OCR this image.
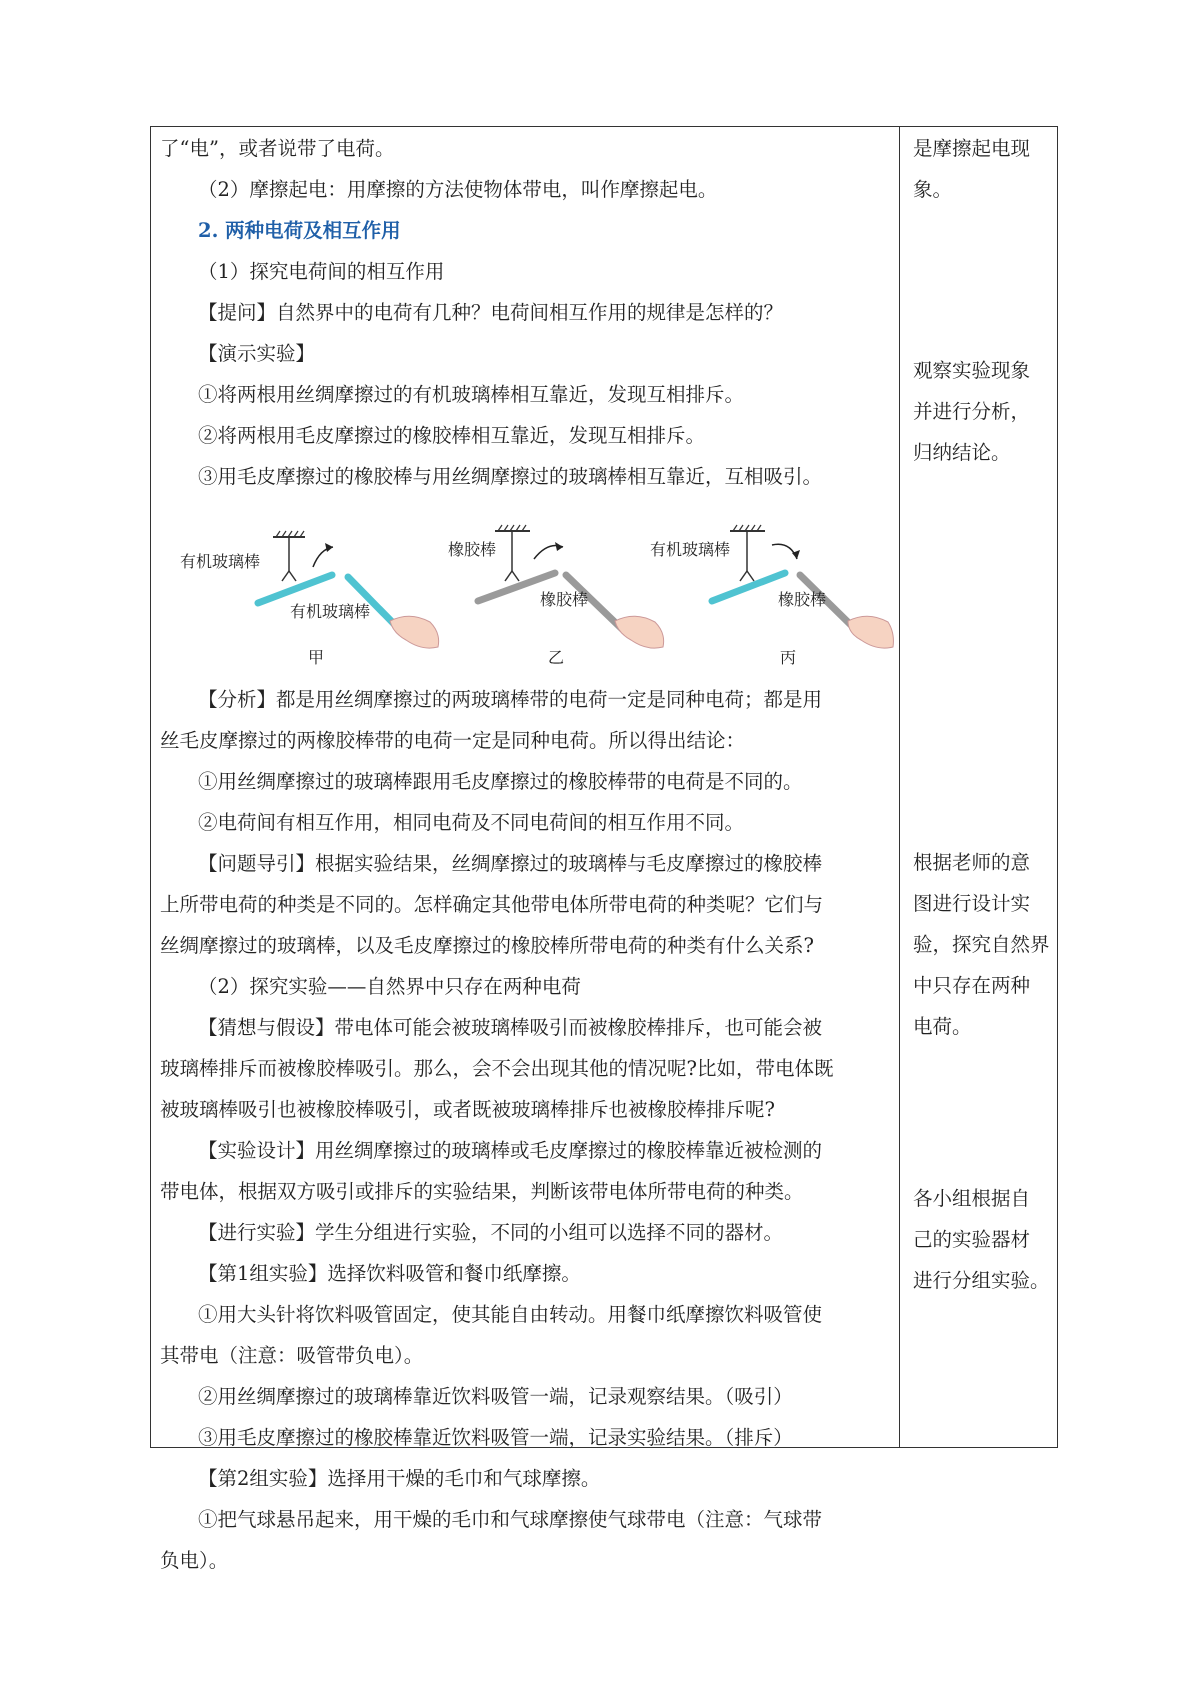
了“电”，或者说带了电荷。
（2）摩擦起电：用摩擦的方法使物体带电，叫作摩擦起电。
2. 两种电荷及相互作用
（1）探究电荷间的相互作用
【提问】自然界中的电荷有几种？电荷间相互作用的规律是怎样的？
【演示实验】
①将两根用丝绸摩擦过的有机玻璃棒相互靠近，发现互相排斥。
②将两根用毛皮摩擦过的橡胶棒相互靠近，发现互相排斥。
③用毛皮摩擦过的橡胶棒与用丝绸摩擦过的玻璃棒相互靠近，互相吸引。
有机玻璃棒
有机玻璃棒
甲
橡胶棒
橡胶棒
乙
有机玻璃棒
橡胶棒
丙
【分析】都是用丝绸摩擦过的两玻璃棒带的电荷一定是同种电荷；都是用
丝毛皮摩擦过的两橡胶棒带的电荷一定是同种电荷。所以得出结论：
①用丝绸摩擦过的玻璃棒跟用毛皮摩擦过的橡胶棒带的电荷是不同的。
②电荷间有相互作用，相同电荷及不同电荷间的相互作用不同。
【问题导引】根据实验结果，丝绸摩擦过的玻璃棒与毛皮摩擦过的橡胶棒
上所带电荷的种类是不同的。怎样确定其他带电体所带电荷的种类呢？它们与
丝绸摩擦过的玻璃棒，以及毛皮摩擦过的橡胶棒所带电荷的种类有什么关系?
（2）探究实验——自然界中只存在两种电荷
【猜想与假设】带电体可能会被玻璃棒吸引而被橡胶棒排斥，也可能会被
玻璃棒排斥而被橡胶棒吸引。那么，会不会出现其他的情况呢?比如，带电体既
被玻璃棒吸引也被橡胶棒吸引，或者既被玻璃棒排斥也被橡胶棒排斥呢?
【实验设计】用丝绸摩擦过的玻璃棒或毛皮摩擦过的橡胶棒靠近被检测的
带电体，根据双方吸引或排斥的实验结果，判断该带电体所带电荷的种类。
【进行实验】学生分组进行实验，不同的小组可以选择不同的器材。
【第1组实验】选择饮料吸管和餐巾纸摩擦。
①用大头针将饮料吸管固定，使其能自由转动。用餐巾纸摩擦饮料吸管使
其带电（注意：吸管带负电）。
②用丝绸摩擦过的玻璃棒靠近饮料吸管一端，记录观察结果。（吸引）
③用毛皮摩擦过的橡胶棒靠近饮料吸管一端，记录实验结果。（排斥）
【第2组实验】选择用干燥的毛巾和气球摩擦。
①把气球悬吊起来，用干燥的毛巾和气球摩擦使气球带电（注意：气球带
负电）。
是摩擦起电现
象。
观察实验现象
并进行分析，
归纳结论。
根据老师的意
图进行设计实
验，探究自然界
中只存在两种
电荷。
各小组根据自
己的实验器材
进行分组实验。
